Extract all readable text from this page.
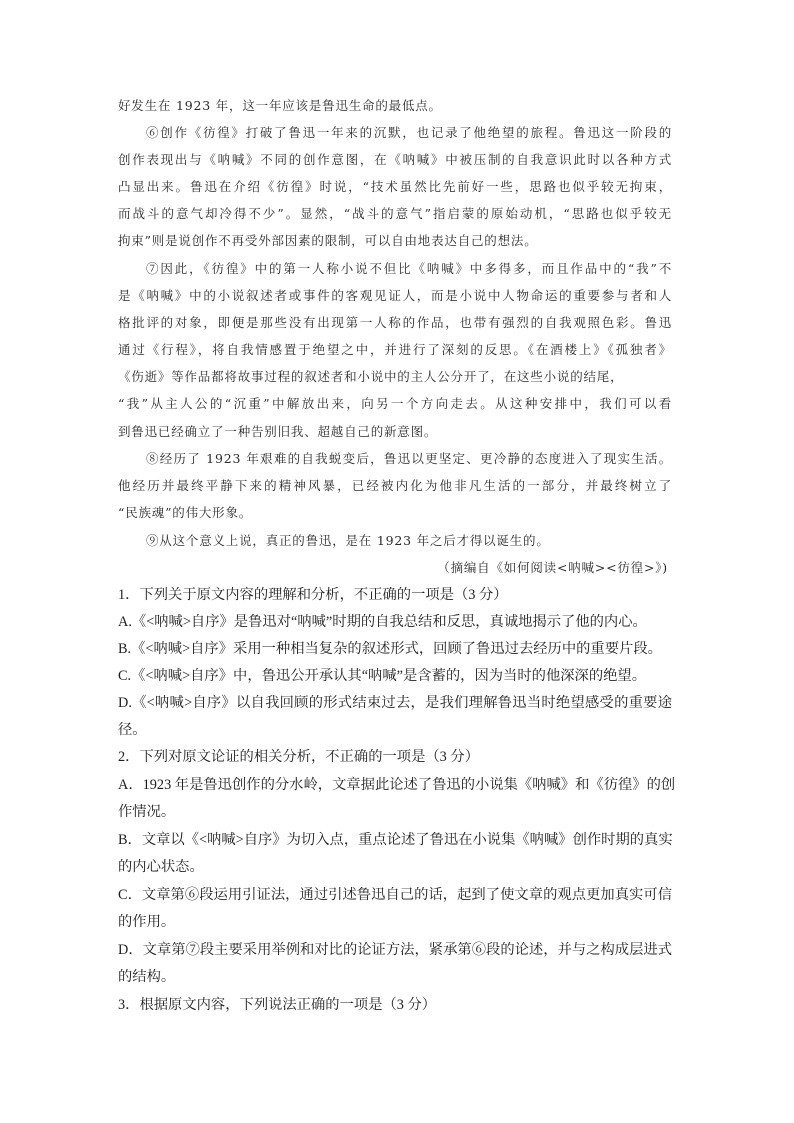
好发生在 1923 年，这一年应该是鲁迅生命的最低点。
⑥创作《彷徨》打破了鲁迅一年来的沉默，也记录了他绝望的旅程。鲁迅这一阶段的
创作表现出与《呐喊》不同的创作意图，在《呐喊》中被压制的自我意识此时以各种方式
凸显出来。鲁迅在介绍《彷徨》时说，“技术虽然比先前好一些，思路也似乎较无拘束，
而战斗的意气却冷得不少”。显然，“战斗的意气”指启蒙的原始动机，“思路也似乎较无
拘束”则是说创作不再受外部因素的限制，可以自由地表达自己的想法。
⑦因此，《彷徨》中的第一人称小说不但比《呐喊》中多得多，而且作品中的“我”不
是《呐喊》中的小说叙述者或事件的客观见证人，而是小说中人物命运的重要参与者和人
格批评的对象，即便是那些没有出现第一人称的作品，也带有强烈的自我观照色彩。鲁迅
通过《行程》，将自我情感置于绝望之中，并进行了深刻的反思。《在酒楼上》《孤独者》
《伤逝》等作品都将故事过程的叙述者和小说中的主人公分开了，在这些小说的结尾，
“我”从主人公的“沉重”中解放出来，向另一个方向走去。从这种安排中，我们可以看
到鲁迅已经确立了一种告别旧我、超越自己的新意图。
⑧经历了 1923 年艰难的自我蜕变后，鲁迅以更坚定、更冷静的态度进入了现实生活。
他经历并最终平静下来的精神风暴，已经被内化为他非凡生活的一部分，并最终树立了
“民族魂”的伟大形象。
⑨从这个意义上说，真正的鲁迅，是在 1923 年之后才得以诞生的。
（摘编自《如何阅读<呐喊><彷徨>》)
1．下列关于原文内容的理解和分析，不正确的一项是（3 分）
A.《<呐喊>自序》是鲁迅对“呐喊”时期的自我总结和反思，真诚地揭示了他的内心。
B.《<呐喊>自序》采用一种相当复杂的叙述形式，回顾了鲁迅过去经历中的重要片段。
C.《<呐喊>自序》中，鲁迅公开承认其“呐喊”是含蓄的，因为当时的他深深的绝望。
D.《<呐喊>自序》以自我回顾的形式结束过去，是我们理解鲁迅当时绝望感受的重要途
径。
2．下列对原文论证的相关分析，不正确的一项是（3 分）
A．1923 年是鲁迅创作的分水岭，文章据此论述了鲁迅的小说集《呐喊》和《彷徨》的创
作情况。
B．文章以《<呐喊>自序》为切入点，重点论述了鲁迅在小说集《呐喊》创作时期的真实
的内心状态。
C．文章第⑥段运用引证法，通过引述鲁迅自己的话，起到了使文章的观点更加真实可信
的作用。
D．文章第⑦段主要采用举例和对比的论证方法，紧承第⑥段的论述，并与之构成层进式
的结构。
3．根据原文内容，下列说法正确的一项是（3 分）
